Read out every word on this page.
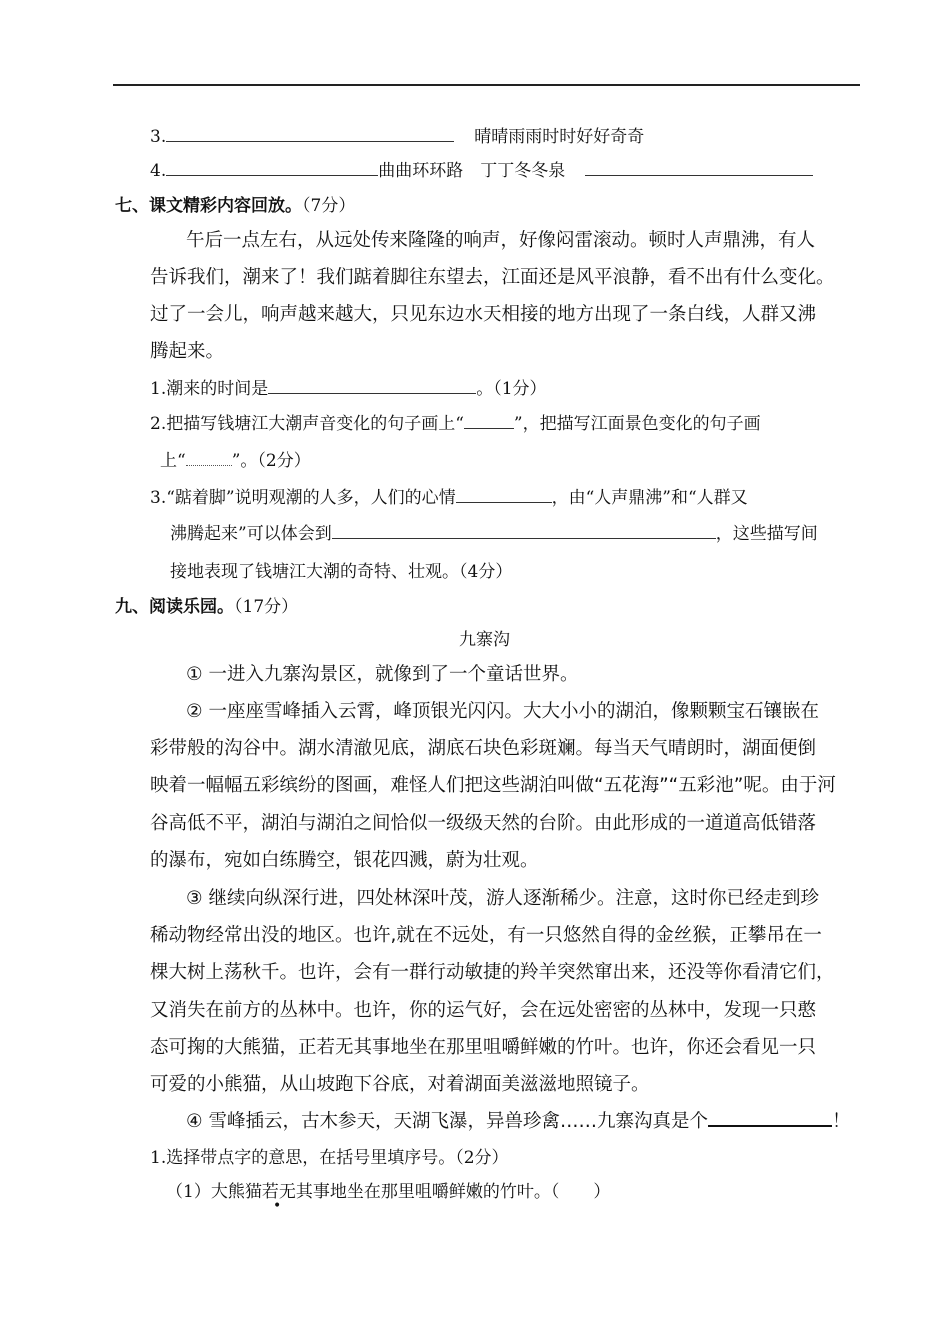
3.	晴晴雨雨时时好好奇奇
4.	曲曲环环路　丁丁冬冬泉
七、课文精彩内容回放。（7分）
午后一点左右，从远处传来隆隆的响声，好像闷雷滚动。顿时人声鼎沸，有人
告诉我们，潮来了！我们踮着脚往东望去，江面还是风平浪静，看不出有什么变化。
过了一会儿，响声越来越大，只见东边水天相接的地方出现了一条白线，人群又沸
腾起来。
1.潮来的时间是	。（1分）
2.把描写钱塘江大潮声音变化的句子画上“	”，把描写江面景色变化的句子画
上“	”。（2分）
3.“踮着脚”说明观潮的人多，人们的心情	，由“人声鼎沸”和“人群又
沸腾起来”可以体会到	，这些描写间
接地表现了钱塘江大潮的奇特、壮观。（4分）
九、阅读乐园。（17分）
九寨沟
① 一进入九寨沟景区，就像到了一个童话世界。
② 一座座雪峰插入云霄，峰顶银光闪闪。大大小小的湖泊，像颗颗宝石镶嵌在
彩带般的沟谷中。湖水清澈见底，湖底石块色彩斑斓。每当天气晴朗时，湖面便倒
映着一幅幅五彩缤纷的图画，难怪人们把这些湖泊叫做“五花海”“五彩池”呢。由于河
谷高低不平，湖泊与湖泊之间恰似一级级天然的台阶。由此形成的一道道高低错落
的瀑布，宛如白练腾空，银花四溅，蔚为壮观。
③ 继续向纵深行进，四处林深叶茂，游人逐渐稀少。注意，这时你已经走到珍
稀动物经常出没的地区。也许,就在不远处，有一只悠然自得的金丝猴，正攀吊在一
棵大树上荡秋千。也许，会有一群行动敏捷的羚羊突然窜出来，还没等你看清它们，
又消失在前方的丛林中。也许，你的运气好，会在远处密密的丛林中，发现一只憨
态可掬的大熊猫，正若无其事地坐在那里咀嚼鲜嫩的竹叶。也许，你还会看见一只
可爱的小熊猫，从山坡跑下谷底，对着湖面美滋滋地照镜子。
④ 雪峰插云，古木参天，天湖飞瀑，异兽珍禽……九寨沟真是个	！
1.选择带点字的意思，在括号里填序号。（2分）
（1）大熊猫若无其事地坐在那里咀嚼鲜嫩的竹叶。（　　）
•
